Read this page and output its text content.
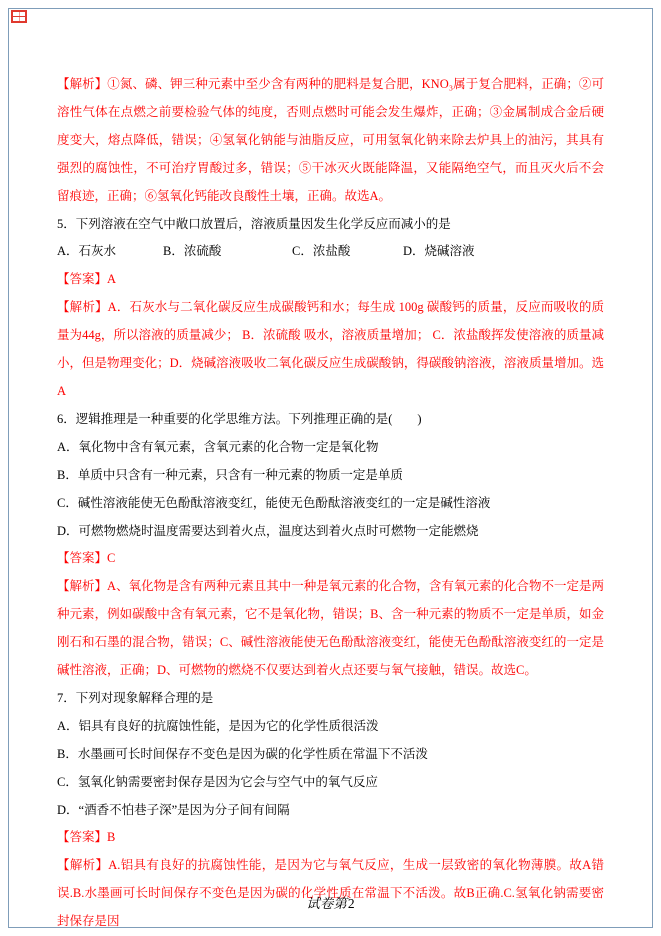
【解析】①氮、磷、钾三种元素中至少含有两种的肥料是复合肥，KNO₃属于复合肥料，正确；②可溶性气体在点燃之前要检验气体的纯度，否则点燃时可能会发生爆炸，正确；③金属制成合金后硬度变大，熔点降低，错误；④氢氧化钠能与油脂反应，可用氢氧化钠来除去炉具上的油污，其具有强烈的腐蚀性，不可治疗胃酸过多，错误；⑤干冰灭火既能降温，又能隔绝空气，而且灭火后不会留痕迹，正确；⑥氢氧化钙能改良酸性土壤，正确。故选A。

5．下列溶液在空气中敞口放置后，溶液质量因发生化学反应而减小的是

A．石灰水	B．浓硫酸	C．浓盐酸	D．烧碱溶液

【答案】A

【解析】A．石灰水与二氧化碳反应生成碳酸钙和水；每生成 100g 碳酸钙的质量，反应而吸收的质量为44g，所以溶液的质量减少； B．浓硫酸 吸水，溶液质量增加； C．浓盐酸挥发使溶液的质量减小，但是物理变化；D．烧碱溶液吸收二氧化碳反应生成碳酸钠，得碳酸钠溶液，溶液质量增加。选A

6．逻辑推理是一种重要的化学思维方法。下列推理正确的是(　　)

A．氧化物中含有氧元素，含氧元素的化合物一定是氧化物

B．单质中只含有一种元素，只含有一种元素的物质一定是单质

C．碱性溶液能使无色酚酞溶液变红，能使无色酚酞溶液变红的一定是碱性溶液

D．可燃物燃烧时温度需要达到着火点，温度达到着火点时可燃物一定能燃烧

【答案】C

【解析】A、氧化物是含有两种元素且其中一种是氧元素的化合物，含有氧元素的化合物不一定是两种元素，例如碳酸中含有氧元素，它不是氧化物，错误；B、含一种元素的物质不一定是单质，如金刚石和石墨的混合物，错误；C、碱性溶液能使无色酚酞溶液变红，能使无色酚酞溶液变红的一定是碱性溶液，正确；D、可燃物的燃烧不仅要达到着火点还要与氧气接触，错误。故选C。

7．下列对现象解释合理的是

A．铝具有良好的抗腐蚀性能，是因为它的化学性质很活泼

B．水墨画可长时间保存不变色是因为碳的化学性质在常温下不活泼

C．氢氧化钠需要密封保存是因为它会与空气中的氧气反应

D．“酒香不怕巷子深”是因为分子间有间隔

【答案】B

【解析】A.铝具有良好的抗腐蚀性能，是因为它与氧气反应，生成一层致密的氧化物薄膜。故A错误.B.水墨画可长时间保存不变色是因为碳的化学性质在常温下不活泼。故B正确.C.氢氧化钠需要密封保存是因

试卷第2
